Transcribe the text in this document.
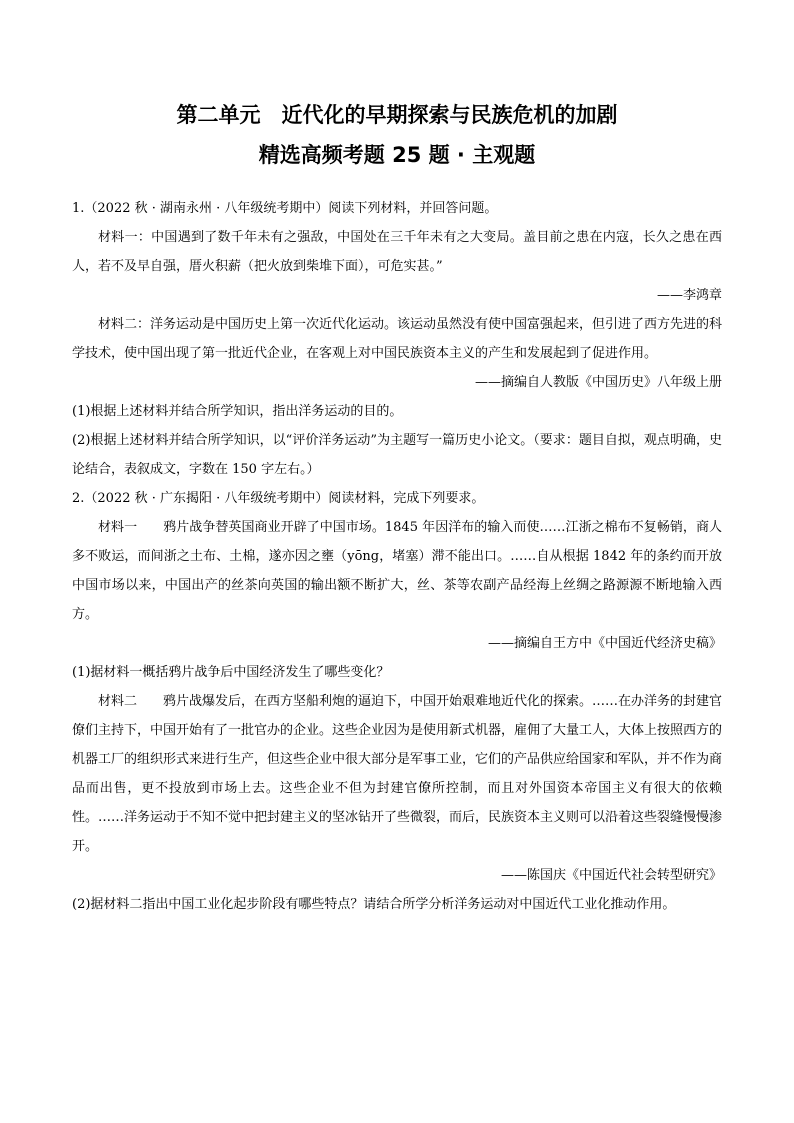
第二单元　近代化的早期探索与民族危机的加剧
精选高频考题 25 题 · 主观题

1.（2022 秋 · 湖南永州 · 八年级统考期中）阅读下列材料，并回答问题。

材料一：中国遇到了数千年未有之强敌，中国处在三千年未有之大变局。盖目前之患在内寇，长久之患在西人，若不及早自强，厝火积薪（把火放到柴堆下面），可危实甚。”

——李鸿章

材料二：洋务运动是中国历史上第一次近代化运动。该运动虽然没有使中国富强起来，但引进了西方先进的科学技术，使中国出现了第一批近代企业，在客观上对中国民族资本主义的产生和发展起到了促进作用。

——摘编自人教版《中国历史》八年级上册

(1)根据上述材料并结合所学知识，指出洋务运动的目的。

(2)根据上述材料并结合所学知识，以“评价洋务运动”为主题写一篇历史小论文。（要求：题目自拟，观点明确，史论结合，表叙成文，字数在 150 字左右。）

2.（2022 秋 · 广东揭阳 · 八年级统考期中）阅读材料，完成下列要求。

材料一　　鸦片战争替英国商业开辟了中国市场。1845 年因洋布的输入而使……江浙之棉布不复畅销，商人多不败运，而间浙之土布、土棉，遂亦因之壅（yōng，堵塞）滞不能出口。……自从根据 1842 年的条约而开放中国市场以来，中国出产的丝茶向英国的输出额不断扩大，丝、茶等农副产品经海上丝绸之路源源不断地输入西方。

——摘编自王方中《中国近代经济史稿》

(1)据材料一概括鸦片战争后中国经济发生了哪些变化？

材料二　　鸦片战爆发后，在西方坚船利炮的逼迫下，中国开始艰难地近代化的探索。……在办洋务的封建官僚们主持下，中国开始有了一批官办的企业。这些企业因为是使用新式机器，雇佣了大量工人，大体上按照西方的机器工厂的组织形式来进行生产，但这些企业中很大部分是军事工业，它们的产品供应给国家和军队，并不作为商品而出售，更不投放到市场上去。这些企业不但为封建官僚所控制，而且对外国资本帝国主义有很大的依赖性。……洋务运动于不知不觉中把封建主义的坚冰钻开了些微裂，而后，民族资本主义则可以沿着这些裂缝慢慢渗开。

——陈国庆《中国近代社会转型研究》

(2)据材料二指出中国工业化起步阶段有哪些特点？请结合所学分析洋务运动对中国近代工业化推动作用。
